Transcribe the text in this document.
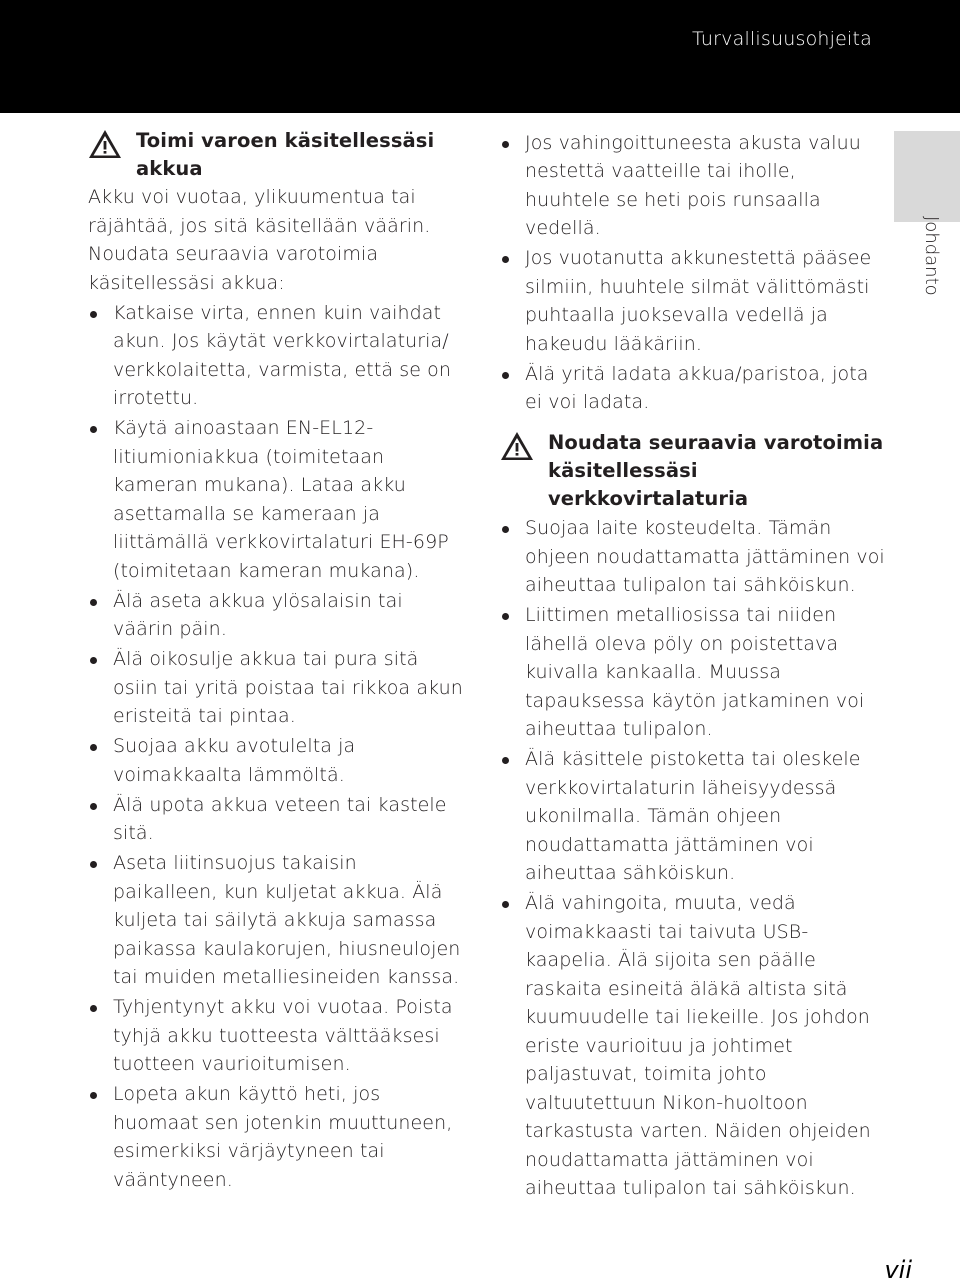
Turvallisuusohjeita
Johdanto
Toimi varoen käsitellessäsi akkua

Akku voi vuotaa, ylikuumentua tai räjähtää, jos sitä käsitellään väärin. Noudata seuraavia varotoimia käsitellessäsi akkua:

Katkaise virta, ennen kuin vaihdat akun. Jos käytät verkkovirtalaturia/ verkkolaitetta, varmista, että se on irrotettu.
Käytä ainoastaan EN-EL12-litiumioniakkua (toimitetaan kameran mukana). Lataa akku asettamalla se kameraan ja liittämällä verkkovirtalaturi EH-69P (toimitetaan kameran mukana).
Älä aseta akkua ylösalaisin tai väärin päin.
Älä oikosulje akkua tai pura sitä osiin tai yritä poistaa tai rikkoa akun eristeitä tai pintaa.
Suojaa akku avotulelta ja voimakkaalta lämmöltä.
Älä upota akkua veteen tai kastele sitä.
Aseta liitinsuojus takaisin paikalleen, kun kuljetat akkua. Älä kuljeta tai säilytä akkuja samassa paikassa kaulakorujen, hiusneulojen tai muiden metalliesineiden kanssa.
Tyhjentynyt akku voi vuotaa. Poista tyhjä akku tuotteesta välttääksesi tuotteen vaurioitumisen.
Lopeta akun käyttö heti, jos huomaat sen jotenkin muuttuneen, esimerkiksi värjäytyneen tai vääntyneen.
Jos vahingoittuneesta akusta valuu nestettä vaatteille tai iholle, huuhtele se heti pois runsaalla vedellä.
Jos vuotanutta akkunestettä pääsee silmiin, huuhtele silmät välittömästi puhtaalla juoksevalla vedellä ja hakeudu lääkäriin.
Älä yritä ladata akkua/paristoa, jota ei voi ladata.
Noudata seuraavia varotoimia käsitellessäsi verkkovirtalaturia
Suojaa laite kosteudelta. Tämän ohjeen noudattamatta jättäminen voi aiheuttaa tulipalon tai sähköiskun.
Liittimen metalliosissa tai niiden lähellä oleva pöly on poistettava kuivalla kankaalla. Muussa tapauksessa käytön jatkaminen voi aiheuttaa tulipalon.
Älä käsittele pistoketta tai oleskele verkkovirtalaturin läheisyydessä ukonilmalla. Tämän ohjeen noudattamatta jättäminen voi aiheuttaa sähköiskun.
Älä vahingoita, muuta, vedä voimakkaasti tai taivuta USB-kaapelia. Älä sijoita sen päälle raskaita esineitä äläkä altista sitä kuumuudelle tai liekeille. Jos johdon eriste vaurioituu ja johtimet paljastuvat, toimita johto valtuutettuun Nikon-huoltoon tarkastusta varten. Näiden ohjeiden noudattamatta jättäminen voi aiheuttaa tulipalon tai sähköiskun.
vii
